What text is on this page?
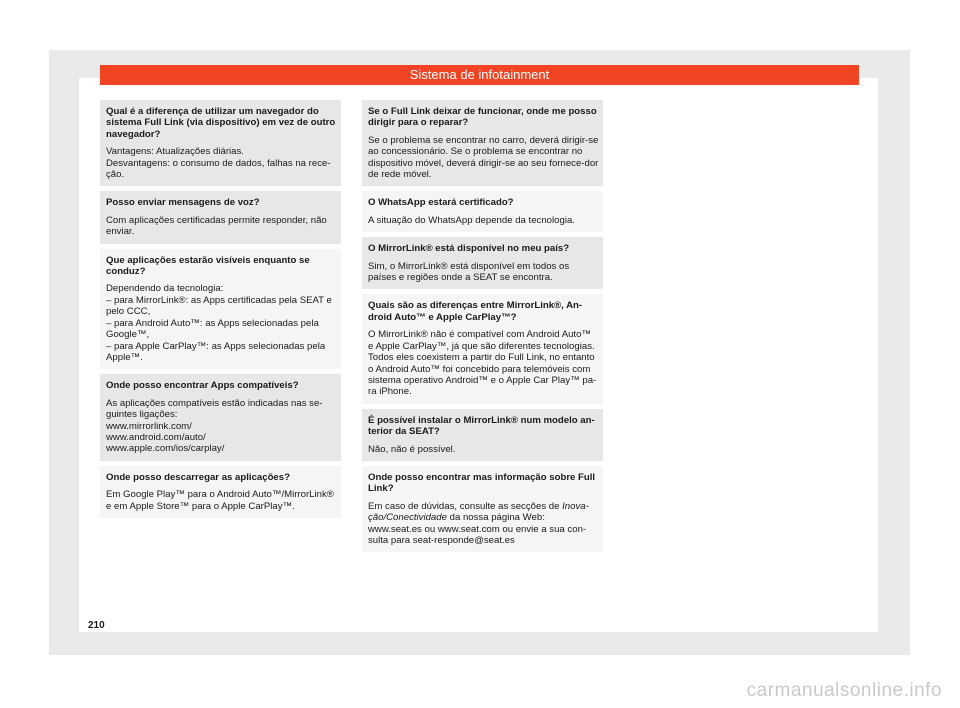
Sistema de infotainment

Qual é a diferença de utilizar um navegador do sistema Full Link (via dispositivo) em vez de outro navegador?

Vantagens: Atualizações diárias.
Desvantagens: o consumo de dados, falhas na rece-ção.

Posso enviar mensagens de voz?

Com aplicações certificadas permite responder, não enviar.

Que aplicações estarão visíveis enquanto se conduz?

Dependendo da tecnologia:
– para MirrorLink®: as Apps certificadas pela SEAT e pelo CCC,
– para Android Auto™: as Apps selecionadas pela Google™,
– para Apple CarPlay™: as Apps selecionadas pela Apple™.

Onde posso encontrar Apps compatíveis?

As aplicações compatíveis estão indicadas nas se-guintes ligações:
www.mirrorlink.com/
www.android.com/auto/
www.apple.com/ios/carplay/

Onde posso descarregar as aplicações?

Em Google Play™ para o Android Auto™/MirrorLink® e em Apple Store™ para o Apple CarPlay™.

Se o Full Link deixar de funcionar, onde me posso dirigir para o reparar?

Se o problema se encontrar no carro, deverá dirigir-se ao concessionário. Se o problema se encontrar no dispositivo móvel, deverá dirigir-se ao seu fornece-dor de rede móvel.

O WhatsApp estará certificado?

A situação do WhatsApp depende da tecnologia.

O MirrorLink® está disponível no meu país?

Sim, o MirrorLink® está disponível em todos os países e regiões onde a SEAT se encontra.

Quais são as diferenças entre MirrorLink®, An-droid Auto™ e Apple CarPlay™?

O MirrorLink® não é compatível com Android Auto™ e Apple CarPlay™, já que são diferentes tecnologias. Todos eles coexistem a partir do Full Link, no entanto o Android Auto™ foi concebido para telemóveis com sistema operativo Android™ e o Apple Car Play™ pa-ra iPhone.

É possível instalar o MirrorLink® num modelo an-terior da SEAT?

Não, não é possível.

Onde posso encontrar mas informação sobre Full Link?

Em caso de dúvidas, consulte as secções de Inova-ção/Conectividade da nossa página Web: www.seat.es ou www.seat.com ou envie a sua con-sulta para seat-responde@seat.es

210
carmanualsonline.info
